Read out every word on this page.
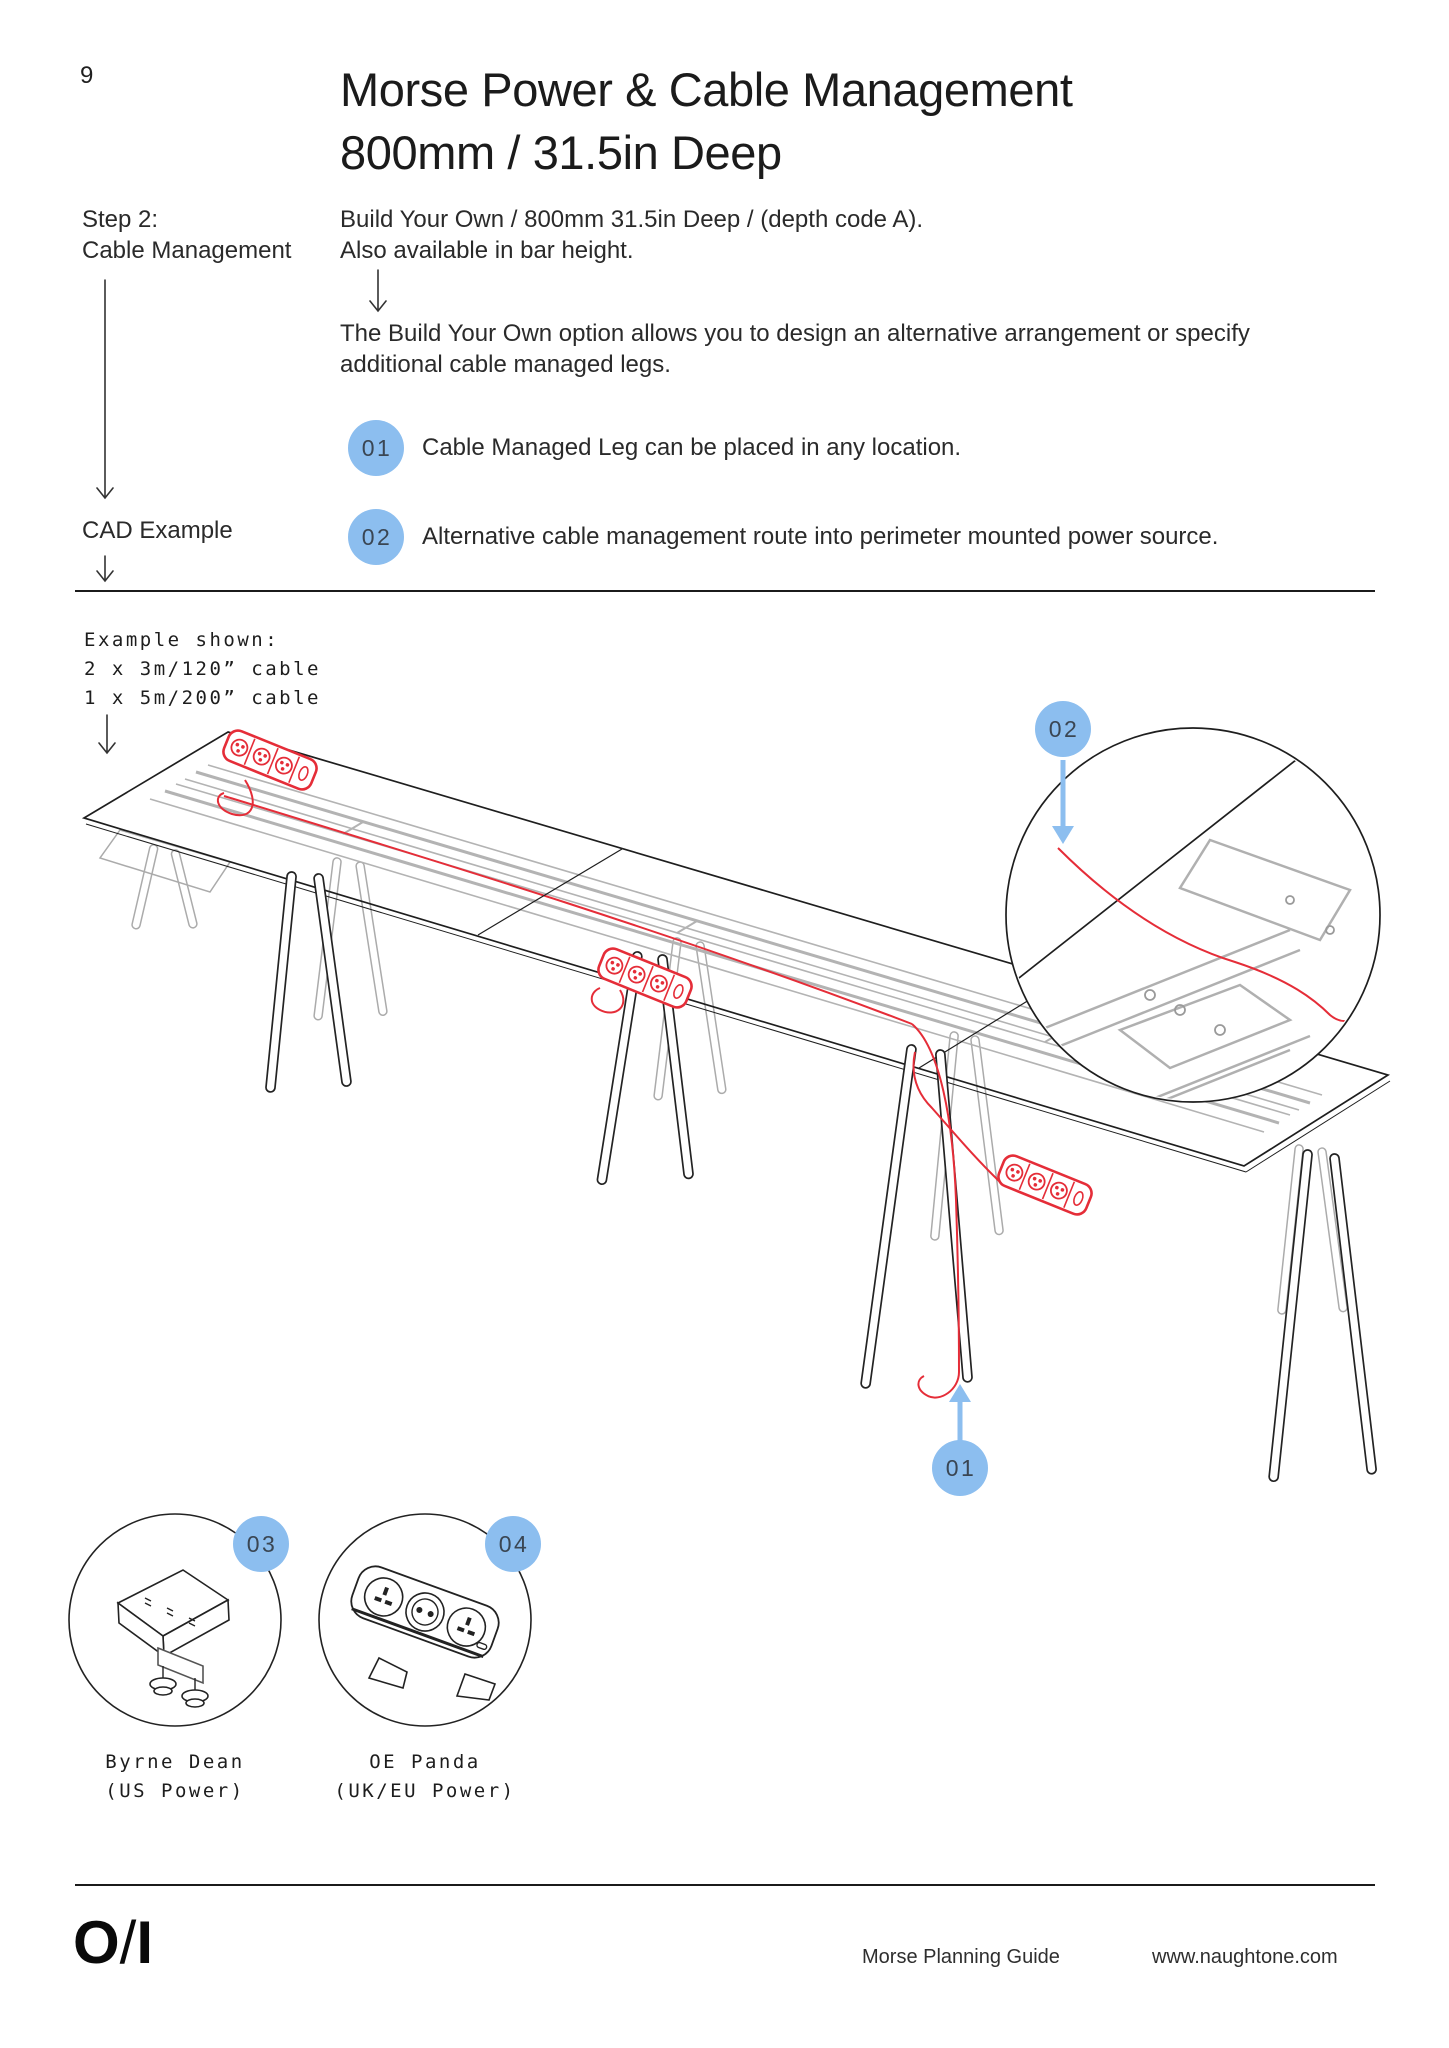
9	Morse Power & Cable Management
800mm / 31.5in Deep
Step 2:
Cable Management
Build Your Own / 800mm 31.5in Deep / (depth code A).
Also available in bar height.
The Build Your Own option allows you to design an alternative arrangement or specify
additional cable managed legs.
01	Cable Managed Leg can be placed in any location.
02	Alternative cable management route into perimeter mounted power source.
CAD Example
Example shown:
2 x 3m/120” cable
1 x 5m/200” cable
02
01
03	04
Byrne Dean
(US Power)
OE Panda
(UK/EU Power)
O/I	Morse Planning Guide	www.naughtone.com
